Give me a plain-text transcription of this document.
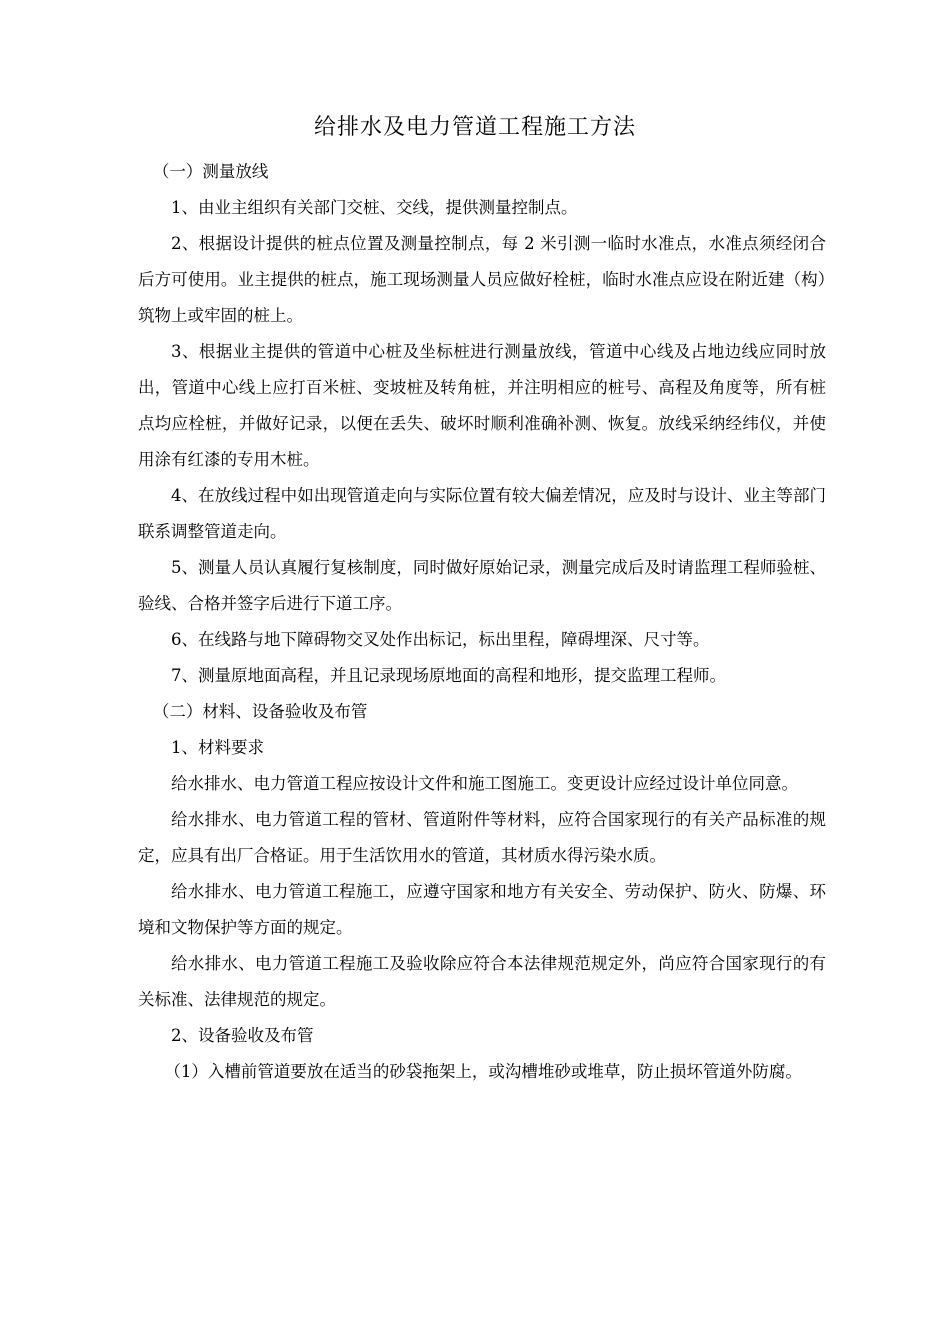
给排水及电力管道工程施工方法

（一）测量放线

1、由业主组织有关部门交桩、交线，提供测量控制点。

2、根据设计提供的桩点位置及测量控制点，每 2 米引测一临时水准点，水准点须经闭合后方可使用。业主提供的桩点，施工现场测量人员应做好栓桩，临时水准点应设在附近建（构）筑物上或牢固的桩上。

3、根据业主提供的管道中心桩及坐标桩进行测量放线，管道中心线及占地边线应同时放出，管道中心线上应打百米桩、变坡桩及转角桩，并注明相应的桩号、高程及角度等，所有桩点均应栓桩，并做好记录，以便在丢失、破坏时顺利准确补测、恢复。放线采纳经纬仪，并使用涂有红漆的专用木桩。

4、在放线过程中如出现管道走向与实际位置有较大偏差情况，应及时与设计、业主等部门联系调整管道走向。

5、测量人员认真履行复核制度，同时做好原始记录，测量完成后及时请监理工程师验桩、验线、合格并签字后进行下道工序。

6、在线路与地下障碍物交叉处作出标记，标出里程，障碍埋深、尺寸等。

7、测量原地面高程，并且记录现场原地面的高程和地形，提交监理工程师。

（二）材料、设备验收及布管

1、材料要求

给水排水、电力管道工程应按设计文件和施工图施工。变更设计应经过设计单位同意。

给水排水、电力管道工程的管材、管道附件等材料，应符合国家现行的有关产品标准的规定，应具有出厂合格证。用于生活饮用水的管道，其材质水得污染水质。

给水排水、电力管道工程施工，应遵守国家和地方有关安全、劳动保护、防火、防爆、环境和文物保护等方面的规定。

给水排水、电力管道工程施工及验收除应符合本法律规范规定外，尚应符合国家现行的有关标准、法律规范的规定。

2、设备验收及布管

（1）入槽前管道要放在适当的砂袋拖架上，或沟槽堆砂或堆草，防止损坏管道外防腐。
